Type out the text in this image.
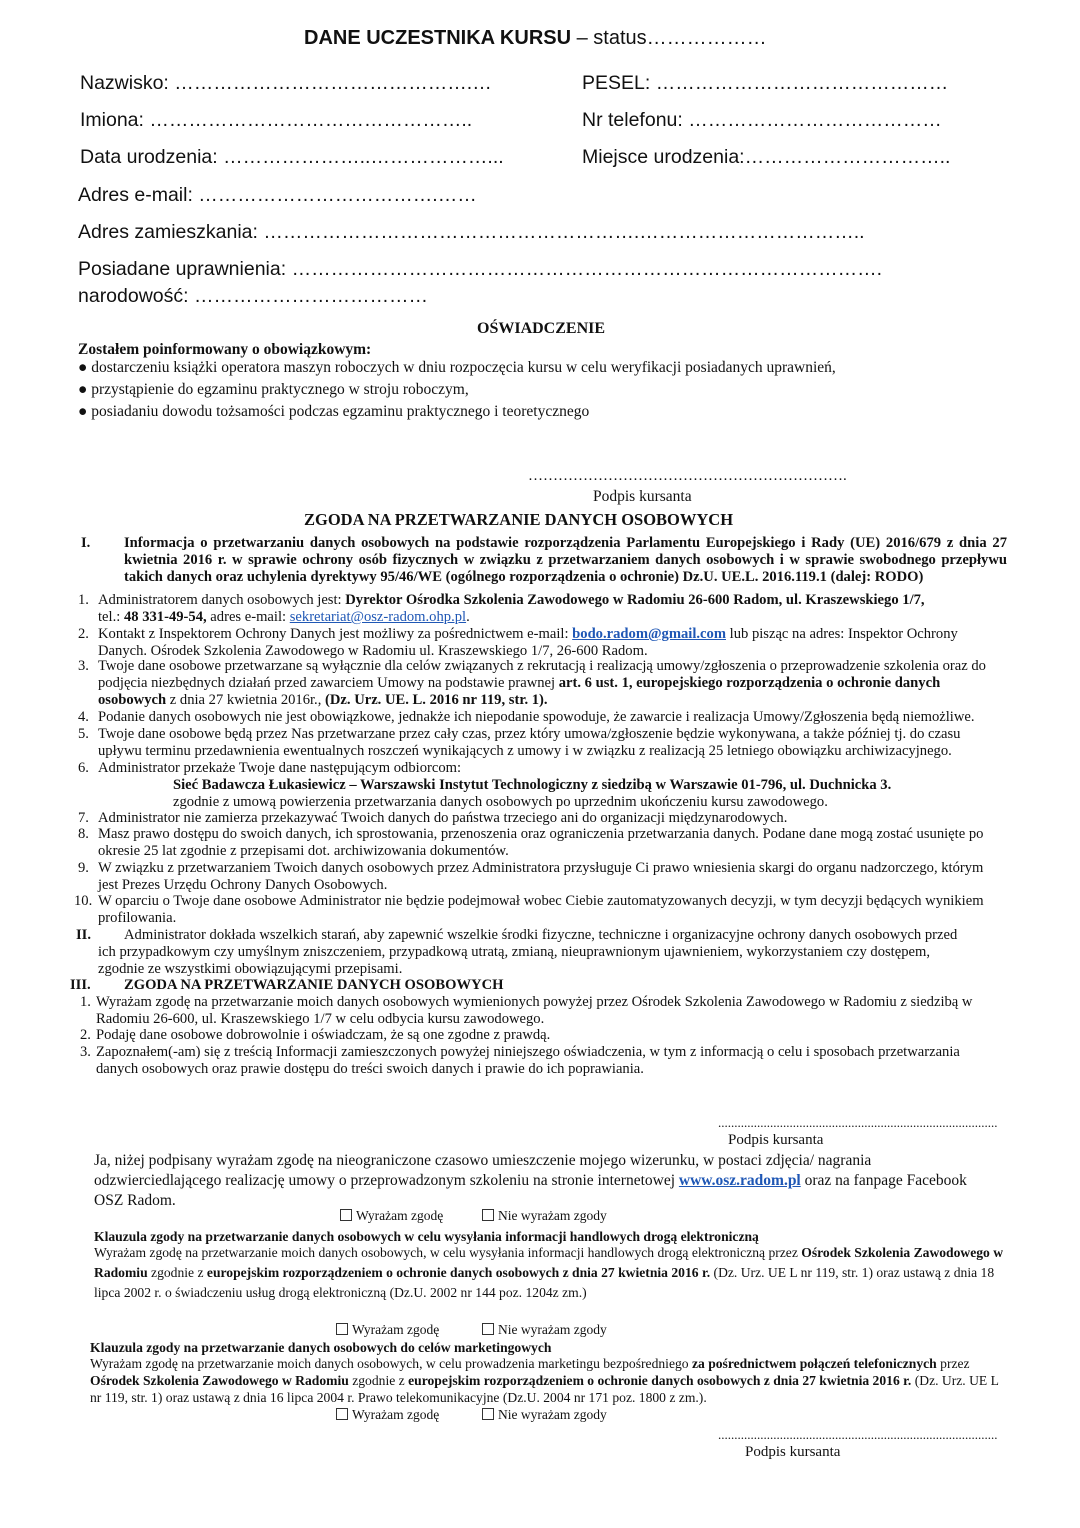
DANE UCZESTNIKA KURSU – status………………
Nazwisko: ……………………………………….…	PESEL: ………………………………………
Imiona: …………………………………………..	Nr telefonu: …………………………………
Data urodzenia: …………………..………………...	Miejsce urodzenia:…………………………..
Adres e-mail: ……………………………….……
Adres zamieszkania: ………………………………………………….……………………………..
Posiadane uprawnienia: ……………………………………………………………………………….
narodowość: ………………………………
OŚWIADCZENIE
Zostałem poinformowany o obowiązkowym:
● dostarczeniu książki operatora maszyn roboczych w dniu rozpoczęcia kursu w celu weryfikacji posiadanych uprawnień,
● przystąpienie do egzaminu praktycznego w stroju roboczym,
● posiadaniu dowodu tożsamości podczas egzaminu praktycznego i teoretycznego
……………………………………………………….
Podpis kursanta
ZGODA NA PRZETWARZANIE DANYCH OSOBOWYCH
I. Informacja o przetwarzaniu danych osobowych na podstawie rozporządzenia Parlamentu Europejskiego i Rady (UE) 2016/679 z dnia 27 kwietnia 2016 r. w sprawie ochrony osób fizycznych w związku z przetwarzaniem danych osobowych i w sprawie swobodnego przepływu takich danych oraz uchylenia dyrektywy 95/46/WE (ogólnego rozporządzenia o ochronie) Dz.U. UE.L. 2016.119.1 (dalej: RODO)
1. Administratorem danych osobowych jest: Dyrektor Ośrodka Szkolenia Zawodowego w Radomiu 26-600 Radom, ul. Kraszewskiego 1/7,
tel.: 48 331-49-54, adres e-mail: sekretariat@osz-radom.ohp.pl.
2. Kontakt z Inspektorem Ochrony Danych jest możliwy za pośrednictwem e-mail: bodo.radom@gmail.com lub pisząc na adres: Inspektor Ochrony Danych. Ośrodek Szkolenia Zawodowego w Radomiu ul. Kraszewskiego 1/7, 26-600 Radom.
3. Twoje dane osobowe przetwarzane są wyłącznie dla celów związanych z rekrutacją i realizacją umowy/zgłoszenia o przeprowadzenie szkolenia oraz do podjęcia niezbędnych działań przed zawarciem Umowy na podstawie prawnej art. 6 ust. 1, europejskiego rozporządzenia o ochronie danych osobowych z dnia 27 kwietnia 2016r., (Dz. Urz. UE. L. 2016 nr 119, str. 1).
4. Podanie danych osobowych nie jest obowiązkowe, jednakże ich niepodanie spowoduje, że zawarcie i realizacja Umowy/Zgłoszenia będą niemożliwe.
5. Twoje dane osobowe będą przez Nas przetwarzane przez cały czas, przez który umowa/zgłoszenie będzie wykonywana, a także później tj. do czasu upływu terminu przedawnienia ewentualnych roszczeń wynikających z umowy i w związku z realizacją 25 letniego obowiązku archiwizacyjnego.
6. Administrator przekaże Twoje dane następującym odbiorcom:
Sieć Badawcza Łukasiewicz – Warszawski Instytut Technologiczny z siedzibą w Warszawie 01-796, ul. Duchnicka 3.
zgodnie z umową powierzenia przetwarzania danych osobowych po uprzednim ukończeniu kursu zawodowego.
7. Administrator nie zamierza przekazywać Twoich danych do państwa trzeciego ani do organizacji międzynarodowych.
8. Masz prawo dostępu do swoich danych, ich sprostowania, przenoszenia oraz ograniczenia przetwarzania danych. Podane dane mogą zostać usunięte po okresie 25 lat zgodnie z przepisami dot. archiwizowania dokumentów.
9. W związku z przetwarzaniem Twoich danych osobowych przez Administratora przysługuje Ci prawo wniesienia skargi do organu nadzorczego, którym jest Prezes Urzędu Ochrony Danych Osobowych.
10. W oparciu o Twoje dane osobowe Administrator nie będzie podejmował wobec Ciebie zautomatyzowanych decyzji, w tym decyzji będących wynikiem profilowania.
II.	Administrator dokłada wszelkich starań, aby zapewnić wszelkie środki fizyczne, techniczne i organizacyjne ochrony danych osobowych przed ich przypadkowym czy umyślnym zniszczeniem, przypadkową utratą, zmianą, nieuprawnionym ujawnieniem, wykorzystaniem czy dostępem, zgodnie ze wszystkimi obowiązującymi przepisami.
III. ZGODA NA PRZETWARZANIE DANYCH OSOBOWYCH
1. Wyrażam zgodę na przetwarzanie moich danych osobowych wymienionych powyżej przez Ośrodek Szkolenia Zawodowego w Radomiu z siedzibą w Radomiu 26-600, ul. Kraszewskiego 1/7 w celu odbycia kursu zawodowego.
2. Podaję dane osobowe dobrowolnie i oświadczam, że są one zgodne z prawdą.
3. Zapoznałem(-am) się z treścią Informacji zamieszczonych powyżej niniejszego oświadczenia, w tym z informacją o celu i sposobach przetwarzania danych osobowych oraz prawie dostępu do treści swoich danych i prawie do ich poprawiania.
......................................................................................
Podpis kursanta
Ja, niżej podpisany wyrażam zgodę na nieograniczone czasowo umieszczenie mojego wizerunku, w postaci zdjęcia/ nagrania odzwierciedlającego realizację umowy o przeprowadzonym szkoleniu na stronie internetowej www.osz.radom.pl oraz na fanpage Facebook OSZ Radom.
Wyrażam zgodę	Nie wyrażam zgody
Klauzula zgody na przetwarzanie danych osobowych w celu wysyłania informacji handlowych drogą elektroniczną
Wyrażam zgodę na przetwarzanie moich danych osobowych, w celu wysyłania informacji handlowych drogą elektroniczną przez Ośrodek Szkolenia Zawodowego w Radomiu zgodnie z europejskim rozporządzeniem o ochronie danych osobowych z dnia 27 kwietnia 2016 r. (Dz. Urz. UE L nr 119, str. 1) oraz ustawą z dnia 18 lipca 2002 r. o świadczeniu usług drogą elektroniczną (Dz.U. 2002 nr 144 poz. 1204z zm.)
Wyrażam zgodę	Nie wyrażam zgody
Klauzula zgody na przetwarzanie danych osobowych do celów marketingowych
Wyrażam zgodę na przetwarzanie moich danych osobowych, w celu prowadzenia marketingu bezpośredniego za pośrednictwem połączeń telefonicznych przez Ośrodek Szkolenia Zawodowego w Radomiu zgodnie z europejskim rozporządzeniem o ochronie danych osobowych z dnia 27 kwietnia 2016 r. (Dz. Urz. UE L nr 119, str. 1) oraz ustawą z dnia 16 lipca 2004 r. Prawo telekomunikacyjne (Dz.U. 2004 nr 171 poz. 1800 z zm.).
Wyrażam zgodę	Nie wyrażam zgody
......................................................................................
Podpis kursanta
